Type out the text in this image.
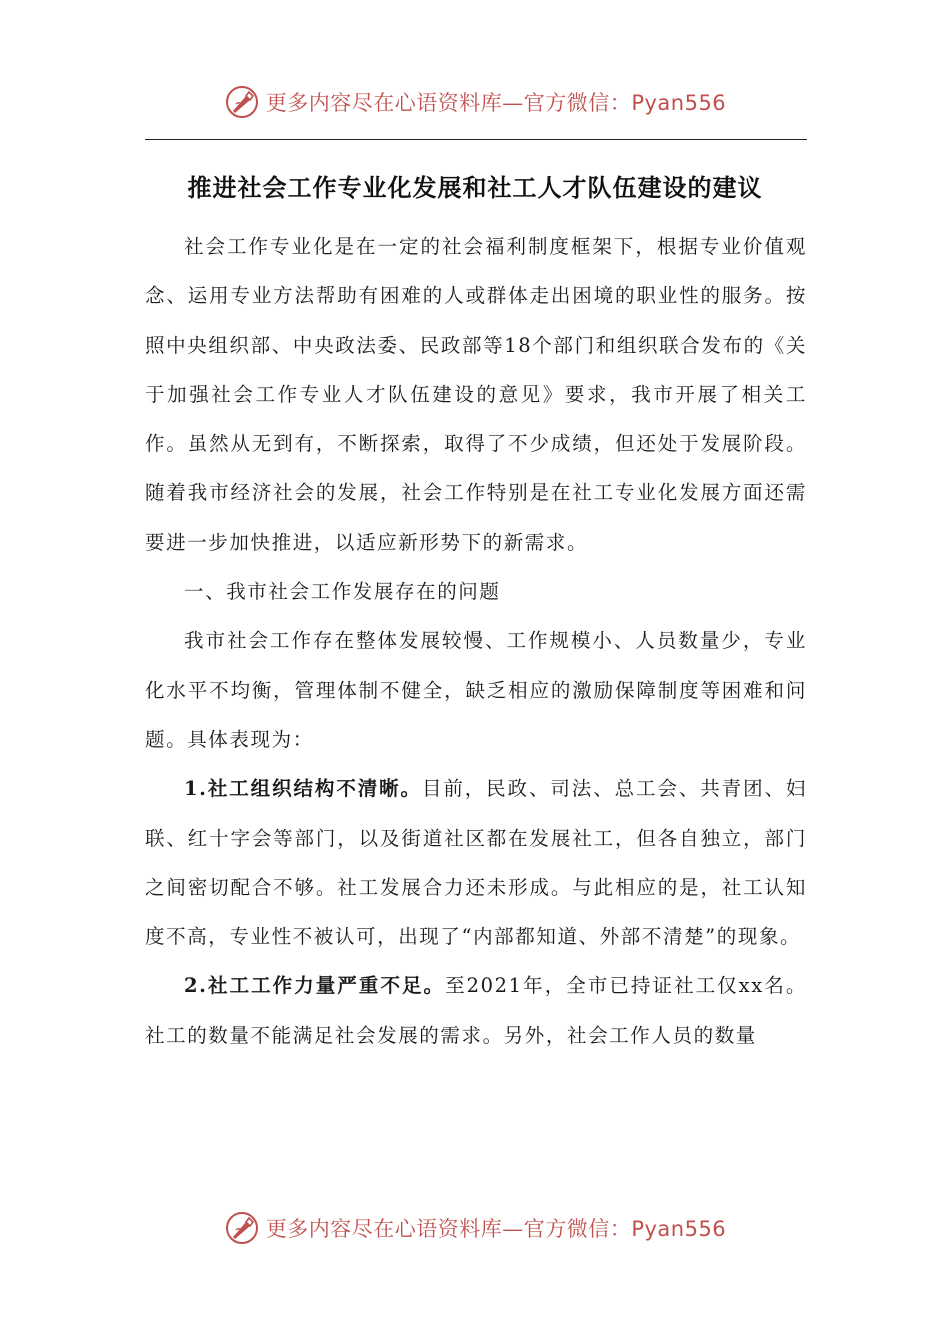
更多内容尽在心语资料库—官方微信：Pyan556
推进社会工作专业化发展和社工人才队伍建设的建议

社会工作专业化是在一定的社会福利制度框架下，根据专业价值观念、运用专业方法帮助有困难的人或群体走出困境的职业性的服务。按照中央组织部、中央政法委、民政部等18个部门和组织联合发布的《关于加强社会工作专业人才队伍建设的意见》要求，我市开展了相关工作。虽然从无到有，不断探索，取得了不少成绩，但还处于发展阶段。随着我市经济社会的发展，社会工作特别是在社工专业化发展方面还需要进一步加快推进，以适应新形势下的新需求。

一、我市社会工作发展存在的问题

我市社会工作存在整体发展较慢、工作规模小、人员数量少，专业化水平不均衡，管理体制不健全，缺乏相应的激励保障制度等困难和问题。具体表现为：

1.社工组织结构不清晰。目前，民政、司法、总工会、共青团、妇联、红十字会等部门，以及街道社区都在发展社工，但各自独立，部门之间密切配合不够。社工发展合力还未形成。与此相应的是，社工认知度不高，专业性不被认可，出现了“内部都知道、外部不清楚”的现象。

2.社工工作力量严重不足。至2021年，全市已持证社工仅xx名。社工的数量不能满足社会发展的需求。另外，社会工作人员的数量

更多内容尽在心语资料库—官方微信：Pyan556
